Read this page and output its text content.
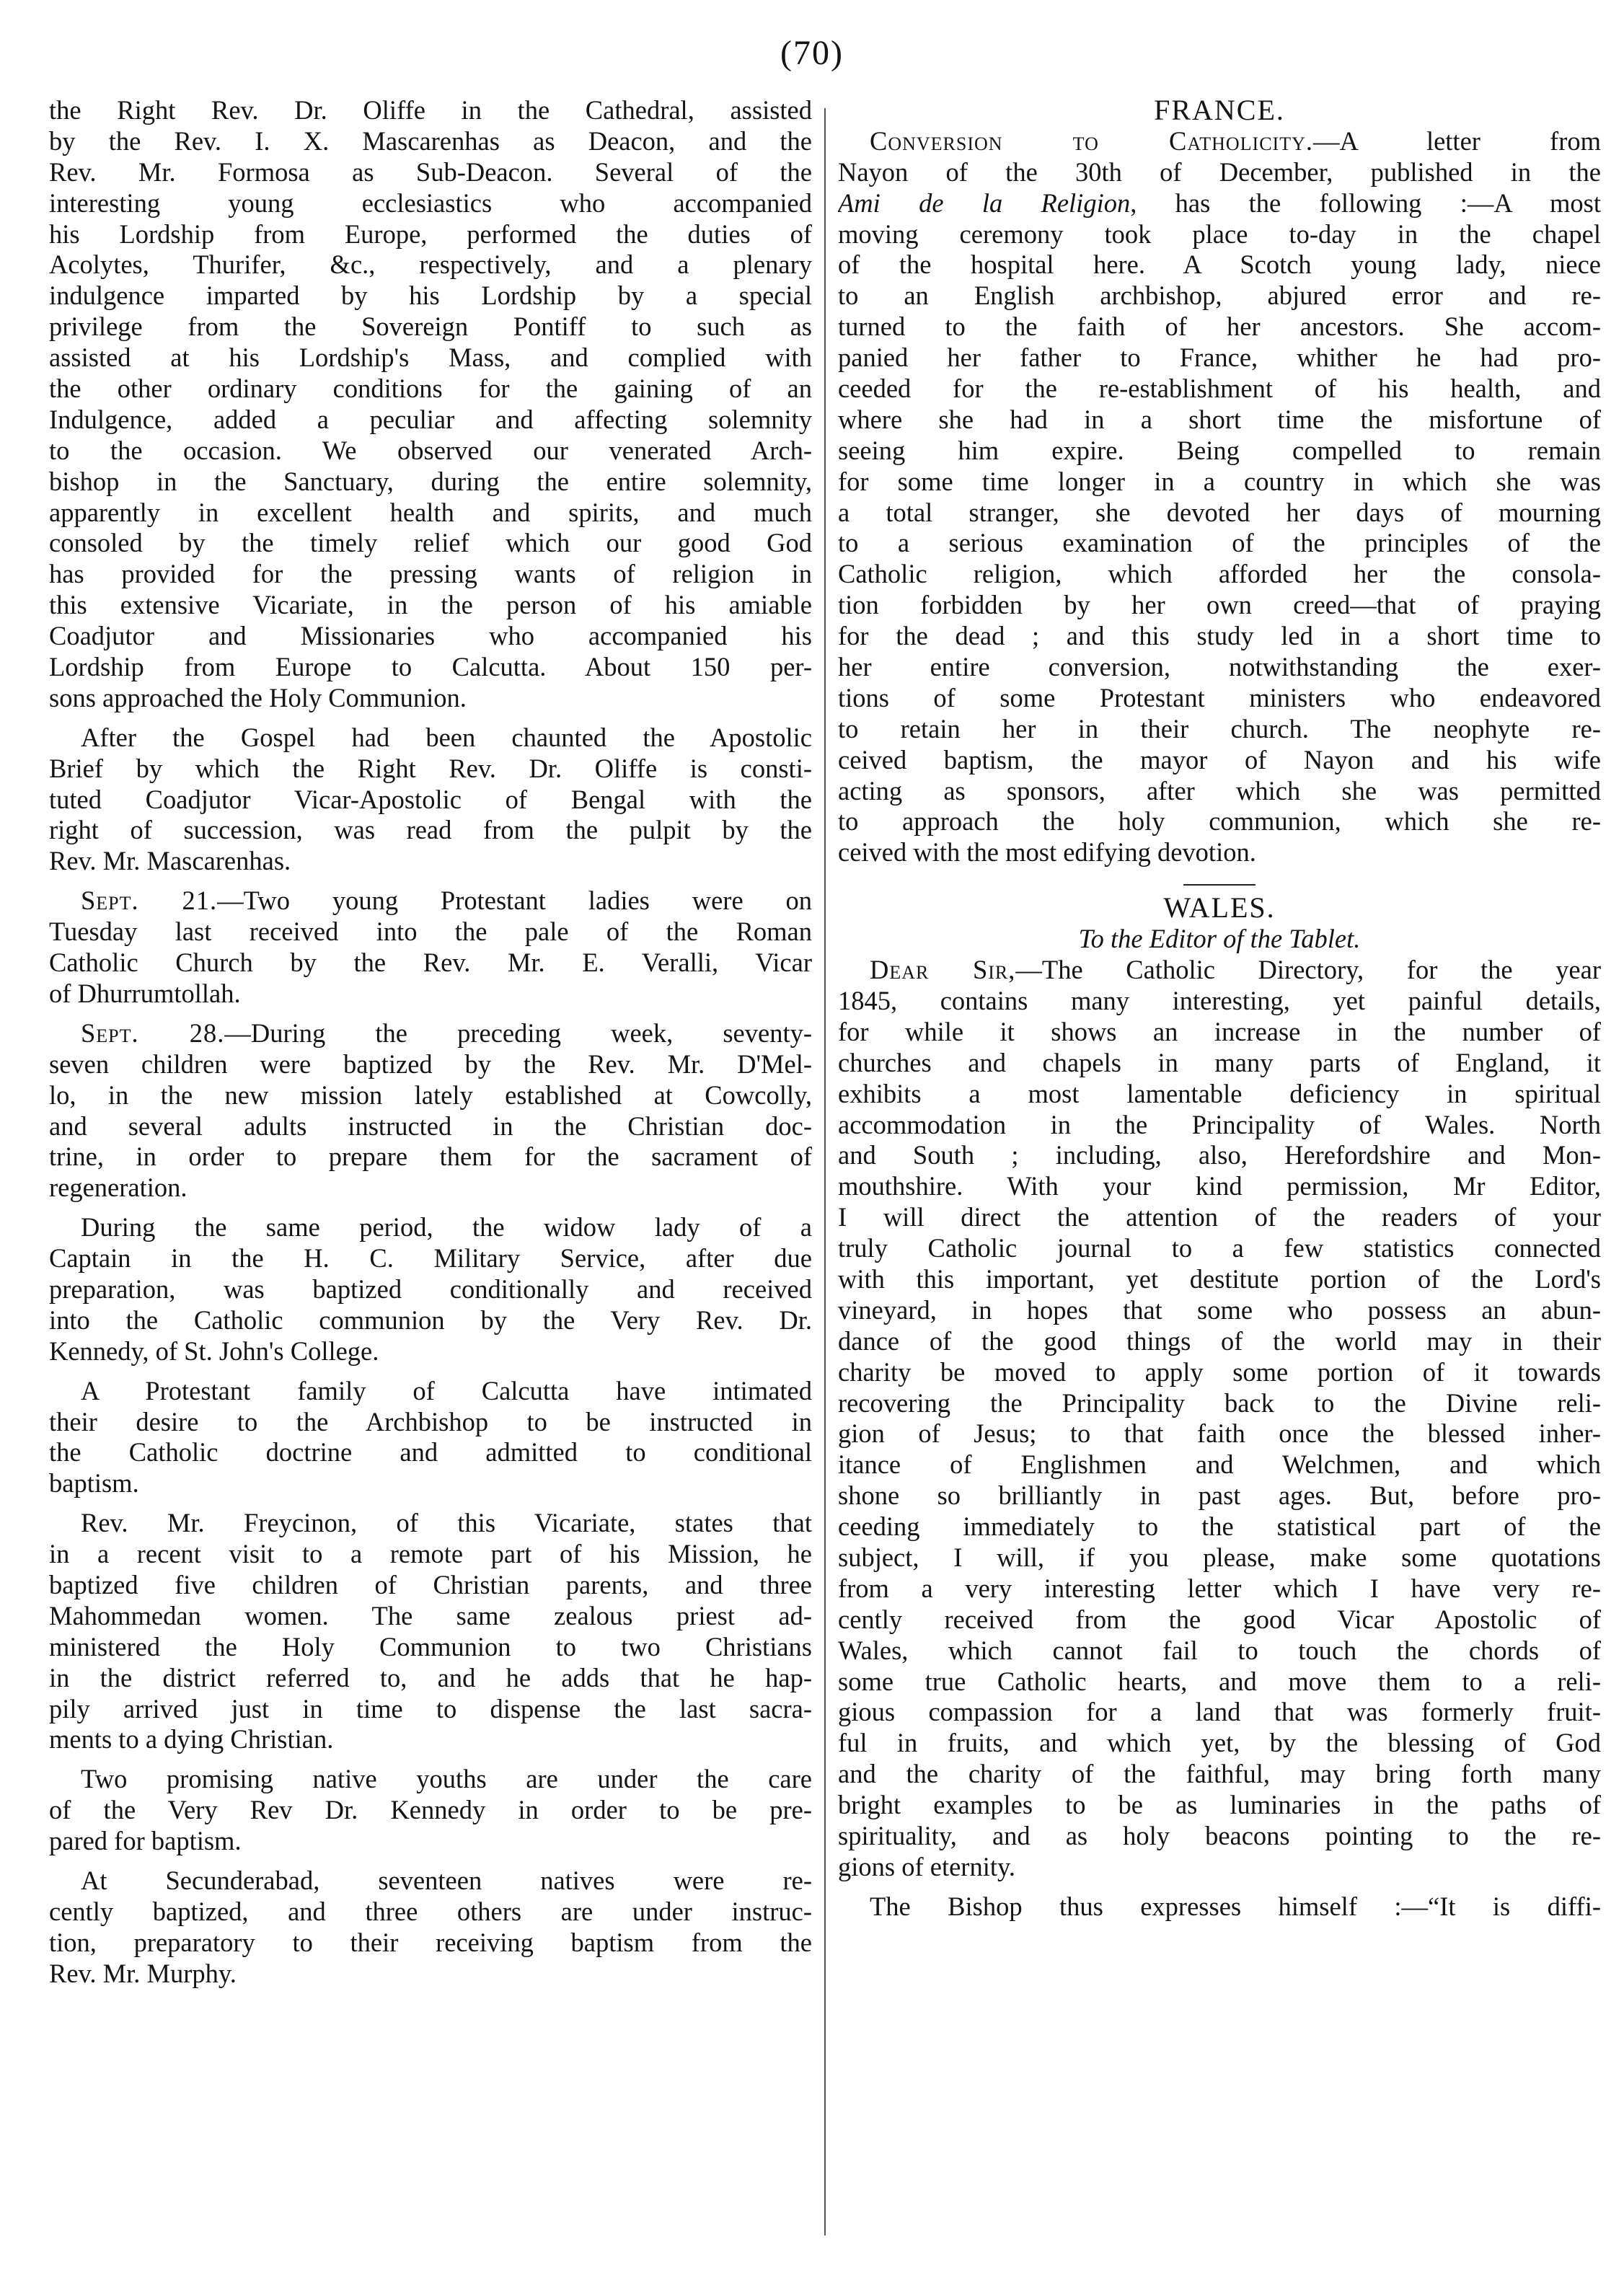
(70)
the Right Rev. Dr. Oliffe in the Cathedral, assisted
by the Rev. I. X. Mascarenhas as Deacon, and the
Rev. Mr. Formosa as Sub-Deacon. Several of the
interesting young ecclesiastics who accompanied
his Lordship from Europe, performed the duties of
Acolytes, Thurifer, &c., respectively, and a plenary
indulgence imparted by his Lordship by a special
privilege from the Sovereign Pontiff to such as
assisted at his Lordship's Mass, and complied with
the other ordinary conditions for the gaining of an
Indulgence, added a peculiar and affecting solemnity
to the occasion. We observed our venerated Arch-
bishop in the Sanctuary, during the entire solemnity,
apparently in excellent health and spirits, and much
consoled by the timely relief which our good God
has provided for the pressing wants of religion in
this extensive Vicariate, in the person of his amiable
Coadjutor and Missionaries who accompanied his
Lordship from Europe to Calcutta. About 150 per-
sons approached the Holy Communion.
After the Gospel had been chaunted the Apostolic
Brief by which the Right Rev. Dr. Oliffe is consti-
tuted Coadjutor Vicar-Apostolic of Bengal with the
right of succession, was read from the pulpit by the
Rev. Mr. Mascarenhas.
Sept. 21.—Two young Protestant ladies were on
Tuesday last received into the pale of the Roman
Catholic Church by the Rev. Mr. E. Veralli, Vicar
of Dhurrumtollah.
Sept. 28.—During the preceding week, seventy-
seven children were baptized by the Rev. Mr. D'Mel-
lo, in the new mission lately established at Cowcolly,
and several adults instructed in the Christian doc-
trine, in order to prepare them for the sacrament of
regeneration.
During the same period, the widow lady of a
Captain in the H. C. Military Service, after due
preparation, was baptized conditionally and received
into the Catholic communion by the Very Rev. Dr.
Kennedy, of St. John's College.
A Protestant family of Calcutta have intimated
their desire to the Archbishop to be instructed in
the Catholic doctrine and admitted to conditional
baptism.
Rev. Mr. Freycinon, of this Vicariate, states that
in a recent visit to a remote part of his Mission, he
baptized five children of Christian parents, and three
Mahommedan women. The same zealous priest ad-
ministered the Holy Communion to two Christians
in the district referred to, and he adds that he hap-
pily arrived just in time to dispense the last sacra-
ments to a dying Christian.
Two promising native youths are under the care
of the Very Rev Dr. Kennedy in order to be pre-
pared for baptism.
At Secunderabad, seventeen natives were re-
cently baptized, and three others are under instruc-
tion, preparatory to their receiving baptism from the
Rev. Mr. Murphy.
FRANCE.
Conversion to Catholicity.—A letter from
Nayon of the 30th of December, published in the
Ami de la Religion, has the following :—A most
moving ceremony took place to-day in the chapel
of the hospital here. A Scotch young lady, niece
to an English archbishop, abjured error and re-
turned to the faith of her ancestors. She accom-
panied her father to France, whither he had pro-
ceeded for the re-establishment of his health, and
where she had in a short time the misfortune of
seeing him expire. Being compelled to remain
for some time longer in a country in which she was
a total stranger, she devoted her days of mourning
to a serious examination of the principles of the
Catholic religion, which afforded her the consola-
tion forbidden by her own creed—that of praying
for the dead ; and this study led in a short time to
her entire conversion, notwithstanding the exer-
tions of some Protestant ministers who endeavored
to retain her in their church. The neophyte re-
ceived baptism, the mayor of Nayon and his wife
acting as sponsors, after which she was permitted
to approach the holy communion, which she re-
ceived with the most edifying devotion.
WALES.
To the Editor of the Tablet.
Dear Sir,—The Catholic Directory, for the year
1845, contains many interesting, yet painful details,
for while it shows an increase in the number of
churches and chapels in many parts of England, it
exhibits a most lamentable deficiency in spiritual
accommodation in the Principality of Wales. North
and South ; including, also, Herefordshire and Mon-
mouthshire. With your kind permission, Mr Editor,
I will direct the attention of the readers of your
truly Catholic journal to a few statistics connected
with this important, yet destitute portion of the Lord's
vineyard, in hopes that some who possess an abun-
dance of the good things of the world may in their
charity be moved to apply some portion of it towards
recovering the Principality back to the Divine reli-
gion of Jesus; to that faith once the blessed inher-
itance of Englishmen and Welchmen, and which
shone so brilliantly in past ages. But, before pro-
ceeding immediately to the statistical part of the
subject, I will, if you please, make some quotations
from a very interesting letter which I have very re-
cently received from the good Vicar Apostolic of
Wales, which cannot fail to touch the chords of
some true Catholic hearts, and move them to a reli-
gious compassion for a land that was formerly fruit-
ful in fruits, and which yet, by the blessing of God
and the charity of the faithful, may bring forth many
bright examples to be as luminaries in the paths of
spirituality, and as holy beacons pointing to the re-
gions of eternity.
The Bishop thus expresses himself :—“It is diffi-
